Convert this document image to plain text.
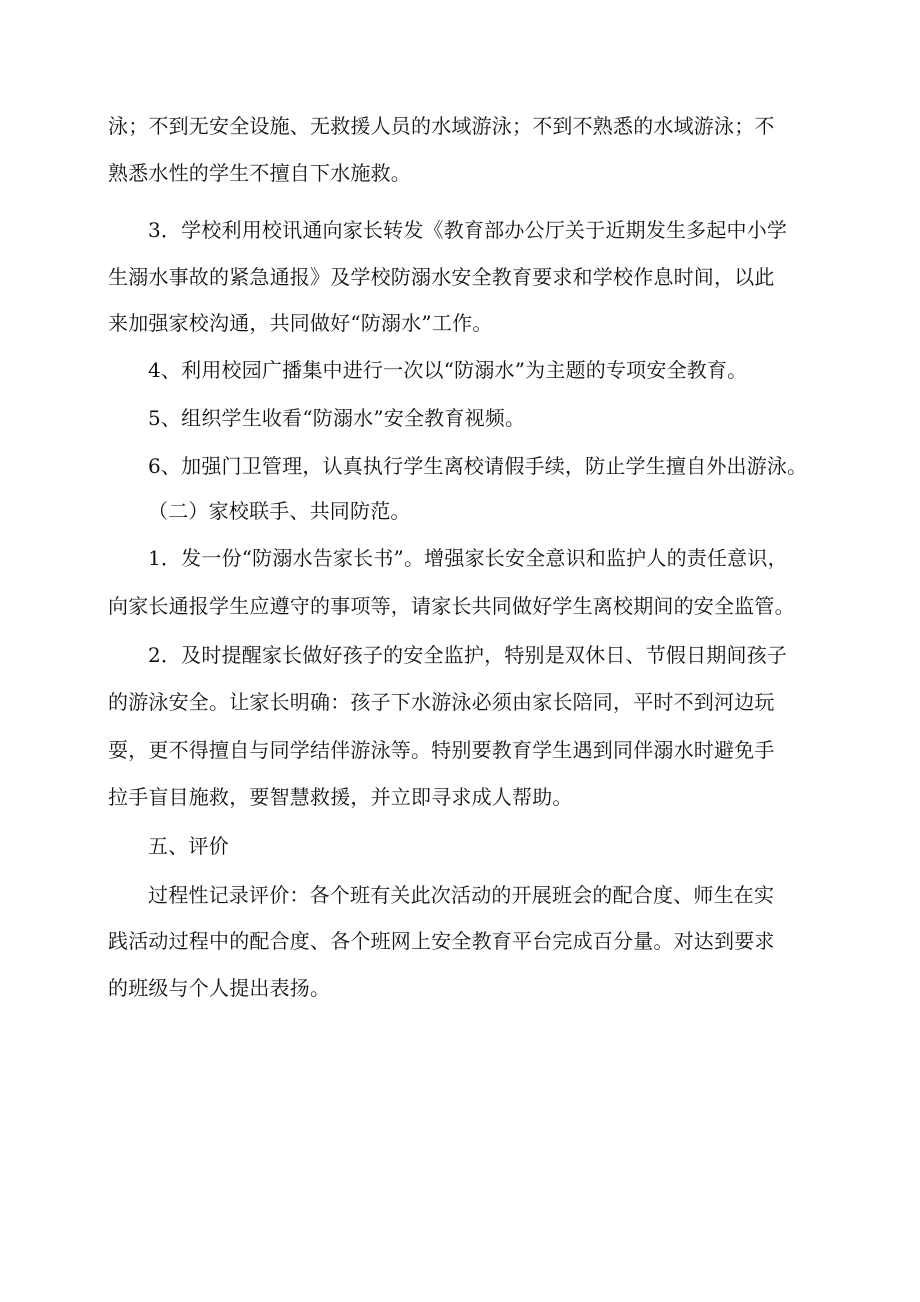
泳；不到无安全设施、无救援人员的水域游泳；不到不熟悉的水域游泳；不
熟悉水性的学生不擅自下水施救。
3．学校利用校讯通向家长转发《教育部办公厅关于近期发生多起中小学
生溺水事故的紧急通报》及学校防溺水安全教育要求和学校作息时间，以此
来加强家校沟通，共同做好“防溺水”工作。
4、利用校园广播集中进行一次以“防溺水”为主题的专项安全教育。
5、组织学生收看“防溺水”安全教育视频。
6、加强门卫管理，认真执行学生离校请假手续，防止学生擅自外出游泳。
（二）家校联手、共同防范。
1．发一份“防溺水告家长书”。增强家长安全意识和监护人的责任意识，
向家长通报学生应遵守的事项等，请家长共同做好学生离校期间的安全监管。
2．及时提醒家长做好孩子的安全监护，特别是双休日、节假日期间孩子
的游泳安全。让家长明确：孩子下水游泳必须由家长陪同，平时不到河边玩
耍，更不得擅自与同学结伴游泳等。特别要教育学生遇到同伴溺水时避免手
拉手盲目施救，要智慧救援，并立即寻求成人帮助。
五、评价
过程性记录评价：各个班有关此次活动的开展班会的配合度、师生在实
践活动过程中的配合度、各个班网上安全教育平台完成百分量。对达到要求
的班级与个人提出表扬。
